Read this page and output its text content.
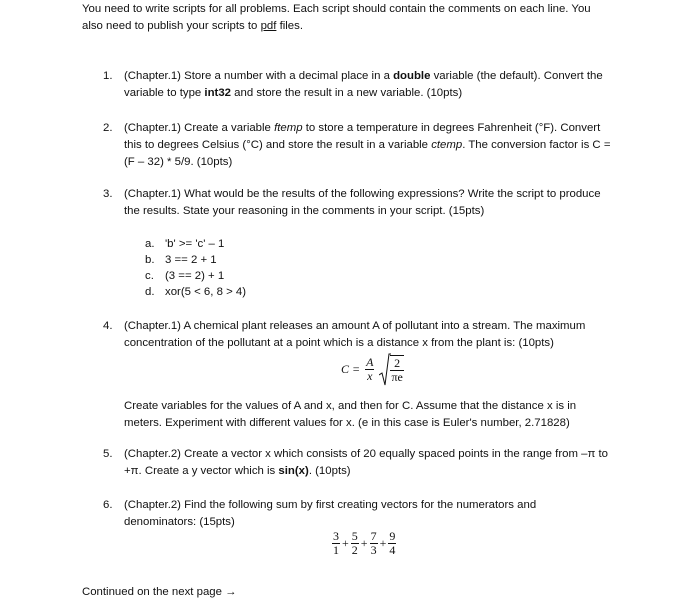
You need to write scripts for all problems. Each script should contain the comments on each line. You
also need to publish your scripts to pdf files.
1. (Chapter.1) Store a number with a decimal place in a double variable (the default). Convert the
variable to type int32 and store the result in a new variable. (10pts)
2. (Chapter.1) Create a variable ftemp to store a temperature in degrees Fahrenheit (°F). Convert
this to degrees Celsius (°C) and store the result in a variable ctemp. The conversion factor is C =
(F – 32) * 5/9. (10pts)
3. (Chapter.1) What would be the results of the following expressions? Write the script to produce
the results. State your reasoning in the comments in your script. (15pts)
a. 'b' >= 'c' – 1
b. 3 == 2 + 1
c. (3 == 2) + 1
d. xor(5 < 6, 8 > 4)
4. (Chapter.1) A chemical plant releases an amount A of pollutant into a stream. The maximum
concentration of the pollutant at a point which is a distance x from the plant is: (10pts)
$C = \frac{A}{x}$
$\frac{2}{\pi e}$
Create variables for the values of A and x, and then for C. Assume that the distance x is in
meters. Experiment with different values for x. (e in this case is Euler's number, 2.71828)
5. (Chapter.2) Create a vector x which consists of 20 equally spaced points in the range from –π to
+π. Create a y vector which is sin(x). (10pts)
6. (Chapter.2) Find the following sum by first creating vectors for the numerators and
denominators: (15pts)
$\frac{3}{1} + \frac{5}{2} + \frac{7}{3} + \frac{9}{4}$
Continued on the next page →
